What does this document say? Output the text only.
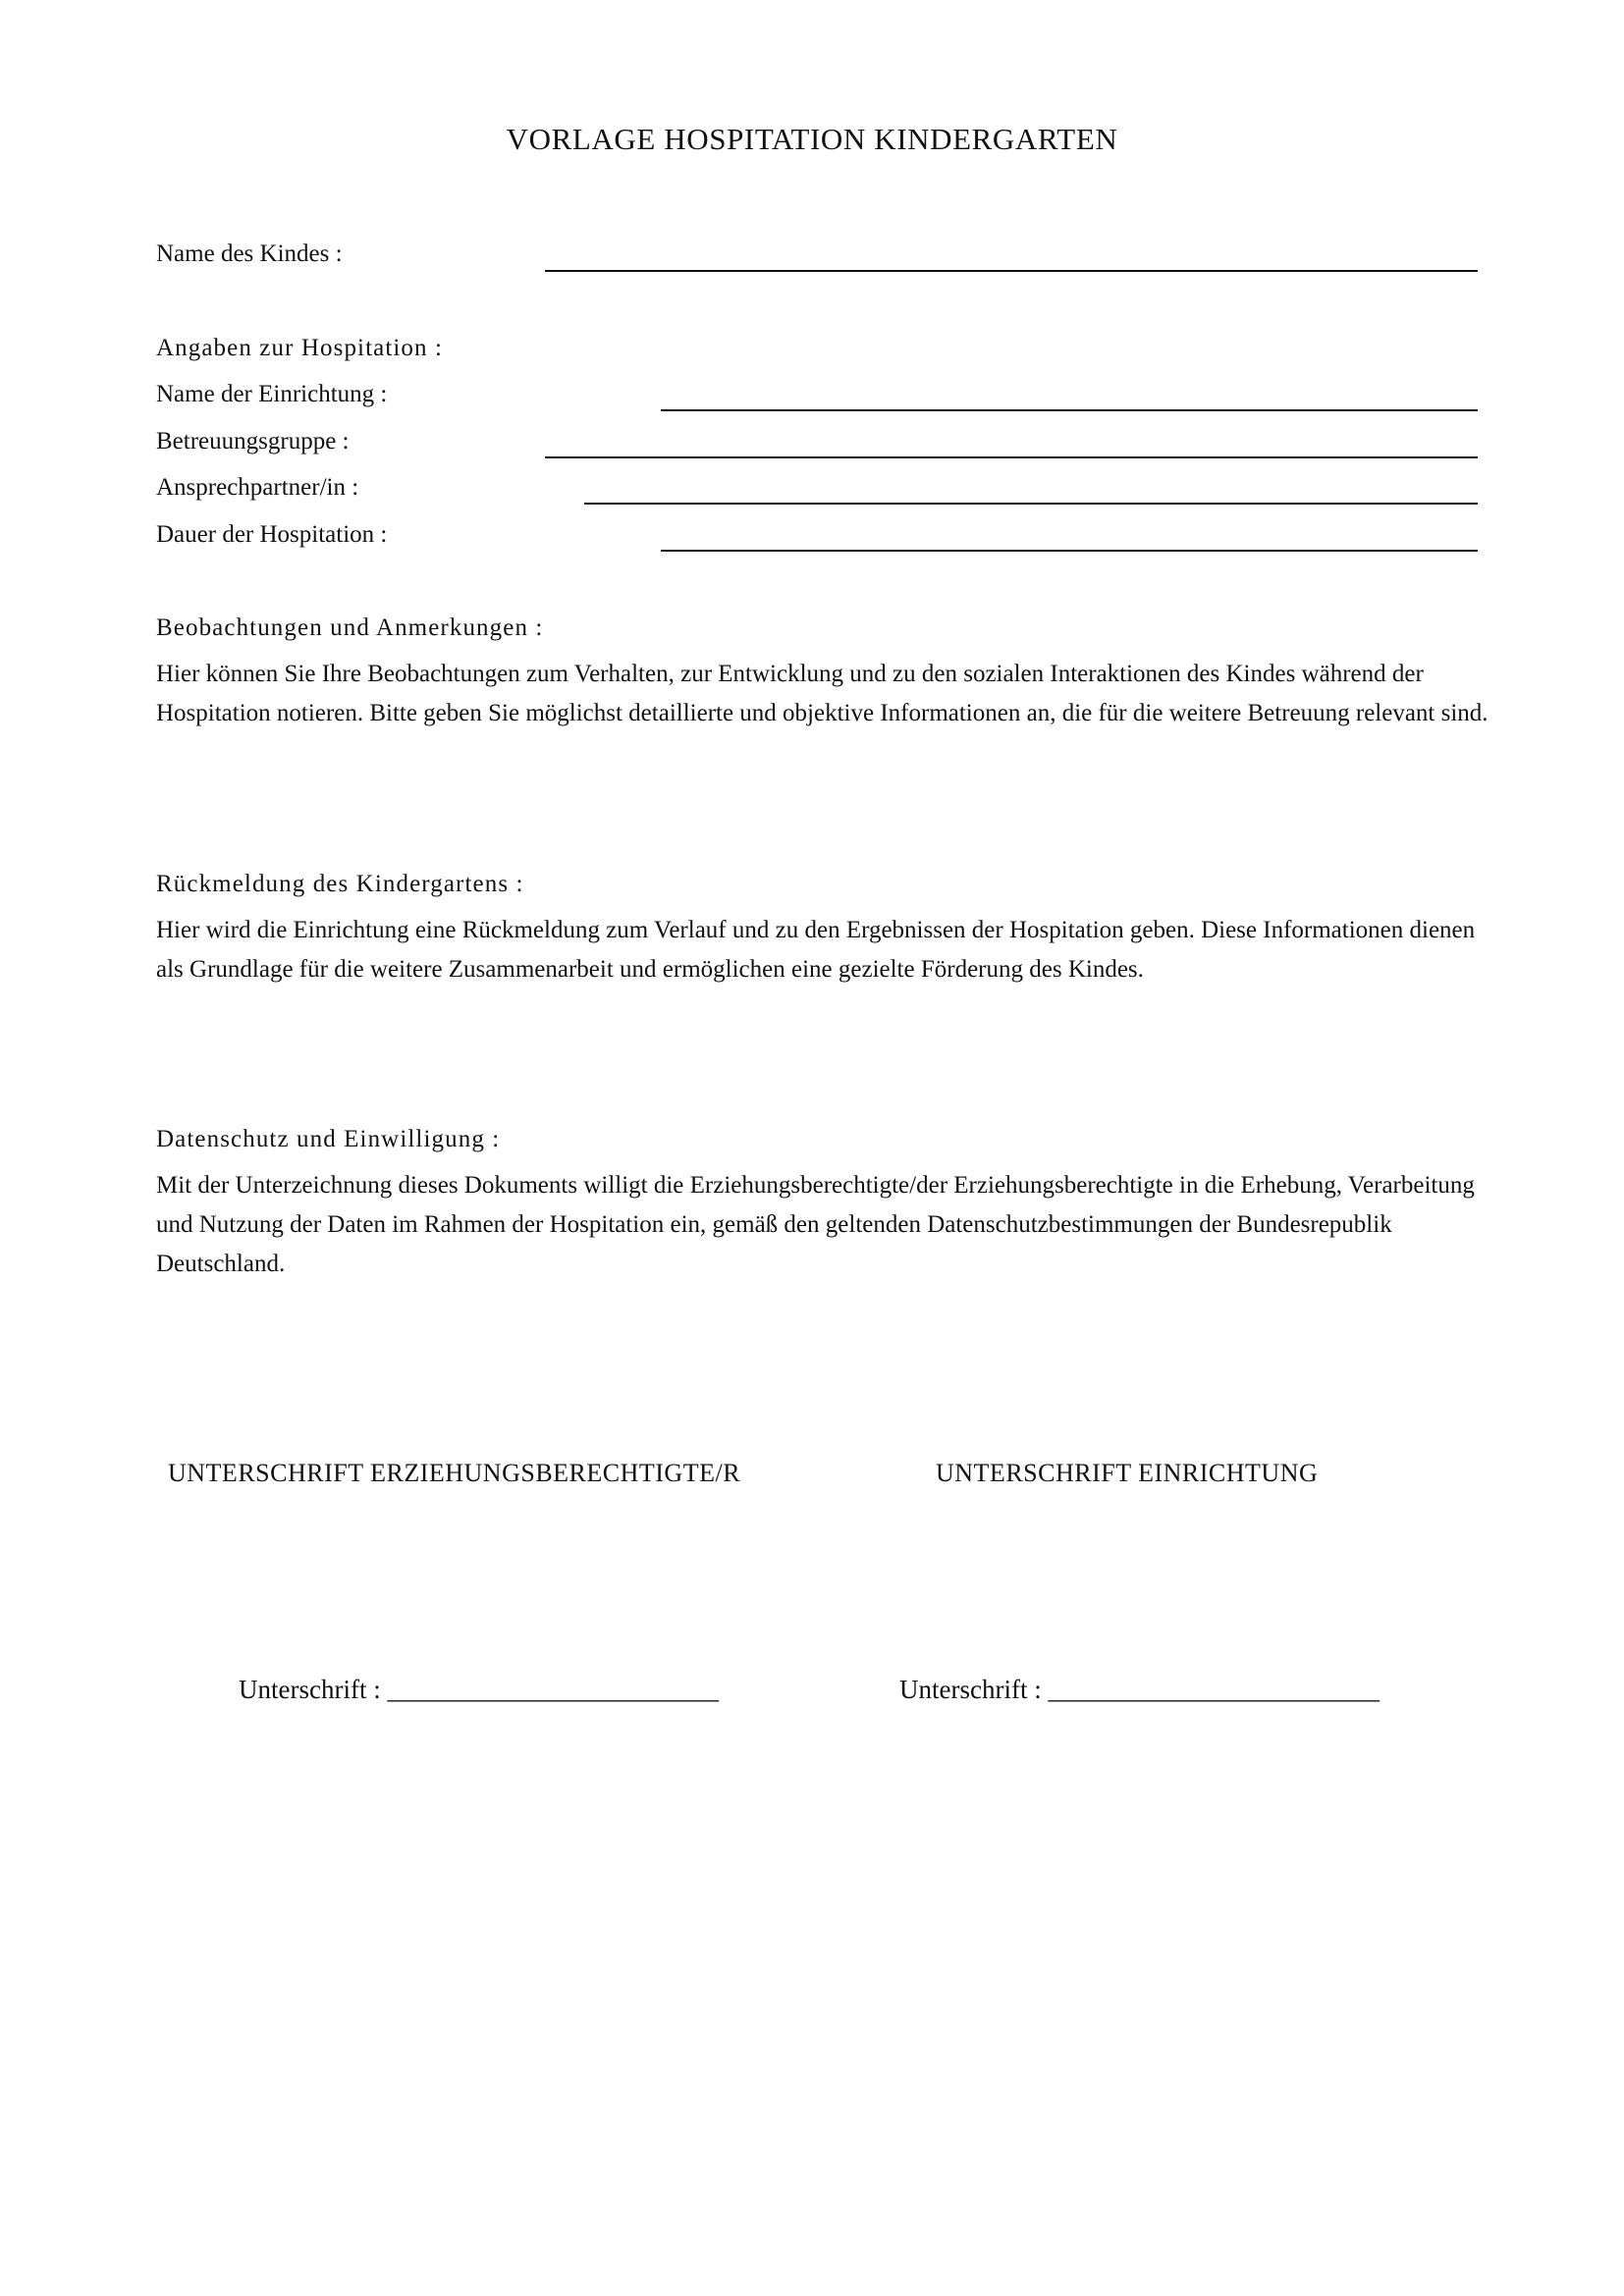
VORLAGE HOSPITATION KINDERGARTEN
Name des Kindes :
Angaben zur Hospitation :
Name der Einrichtung :
Betreuungsgruppe :
Ansprechpartner/in :
Dauer der Hospitation :
Beobachtungen und Anmerkungen :
Hier können Sie Ihre Beobachtungen zum Verhalten, zur Entwicklung und zu den sozialen Interaktionen des Kindes während der Hospitation notieren. Bitte geben Sie möglichst detaillierte und objektive Informationen an, die für die weitere Betreuung relevant sind.
Rückmeldung des Kindergartens :
Hier wird die Einrichtung eine Rückmeldung zum Verlauf und zu den Ergebnissen der Hospitation geben. Diese Informationen dienen als Grundlage für die weitere Zusammenarbeit und ermöglichen eine gezielte Förderung des Kindes.
Datenschutz und Einwilligung :
Mit der Unterzeichnung dieses Dokuments willigt die Erziehungsberechtigte/der Erziehungsberechtigte in die Erhebung, Verarbeitung und Nutzung der Daten im Rahmen der Hospitation ein, gemäß den geltenden Datenschutzbestimmungen der Bundesrepublik Deutschland.
UNTERSCHRIFT ERZIEHUNGSBERECHTIGTE/R	UNTERSCHRIFT EINRICHTUNG
Unterschrift : _________________________	Unterschrift : _________________________
